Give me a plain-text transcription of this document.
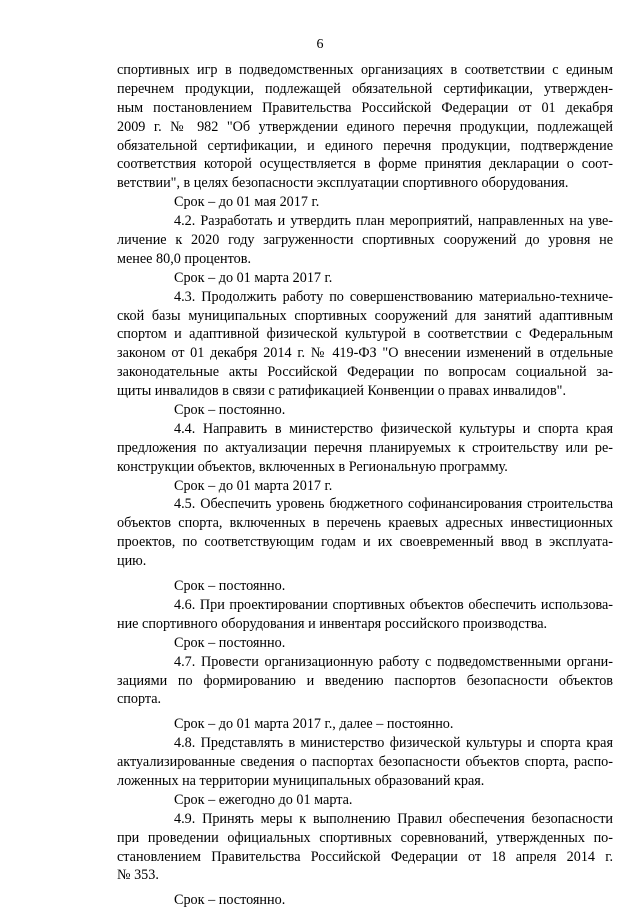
6
спортивных игр в подведомственных организациях в соответствии с единым
перечнем продукции, подлежащей обязательной сертификации, утвержден-
ным постановлением Правительства Российской Федерации от 01 декабря
2009 г. № 982 "Об утверждении единого перечня продукции, подлежащей
обязательной сертификации, и единого перечня продукции, подтверждение
соответствия которой осуществляется в форме принятия декларации о соот-
ветствии", в целях безопасности эксплуатации спортивного оборудования.
Срок – до 01 мая 2017 г.
4.2. Разработать и утвердить план мероприятий, направленных на уве-
личение к 2020 году загруженности спортивных сооружений до уровня не
менее 80,0 процентов.
Срок – до 01 марта 2017 г.
4.3. Продолжить работу по совершенствованию материально-техниче-
ской базы муниципальных спортивных сооружений для занятий адаптивным
спортом и адаптивной физической культурой в соответствии с Федеральным
законом от 01 декабря 2014 г. № 419-ФЗ "О внесении изменений в отдельные
законодательные акты Российской Федерации по вопросам социальной за-
щиты инвалидов в связи с ратификацией Конвенции о правах инвалидов".
Срок – постоянно.
4.4. Направить в министерство физической культуры и спорта края
предложения по актуализации перечня планируемых к строительству или ре-
конструкции объектов, включенных в Региональную программу.
Срок – до 01 марта 2017 г.
4.5. Обеспечить уровень бюджетного софинансирования строительства
объектов спорта, включенных в перечень краевых адресных инвестиционных
проектов, по соответствующим годам и их своевременный ввод в эксплуата-
цию.
Срок – постоянно.
4.6. При проектировании спортивных объектов обеспечить использова-
ние спортивного оборудования и инвентаря российского производства.
Срок – постоянно.
4.7. Провести организационную работу с подведомственными органи-
зациями по формированию и введению паспортов безопасности объектов
спорта.
Срок – до 01 марта 2017 г., далее – постоянно.
4.8. Представлять в министерство физической культуры и спорта края
актуализированные сведения о паспортах безопасности объектов спорта, распо-
ложенных на территории муниципальных образований края.
Срок – ежегодно до 01 марта.
4.9. Принять меры к выполнению Правил обеспечения безопасности
при проведении официальных спортивных соревнований, утвержденных по-
становлением Правительства Российской Федерации от 18 апреля 2014 г.
№ 353.
Срок – постоянно.
